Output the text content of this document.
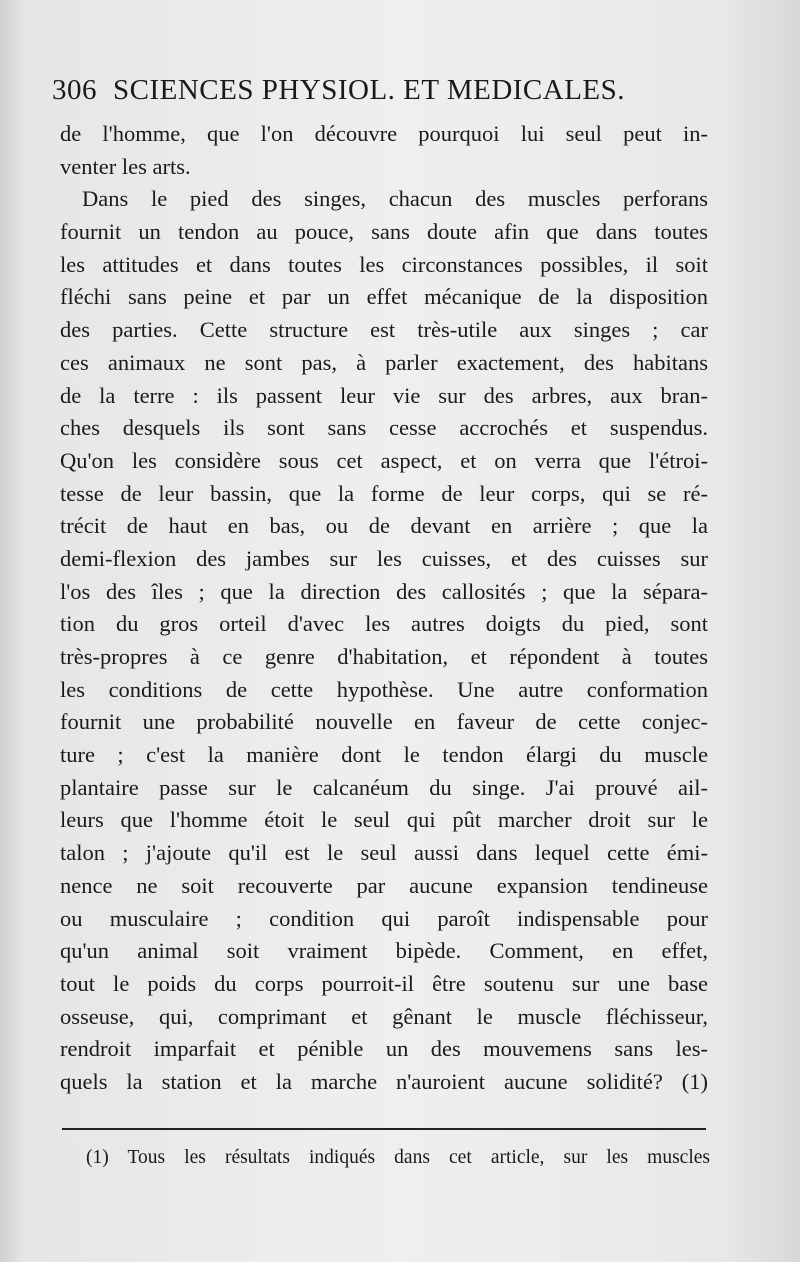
306 SCIENCES PHYSIOL. ET MEDICALES.
de l'homme, que l'on découvre pourquoi lui seul peut in-
venter les arts.
Dans le pied des singes, chacun des muscles perforans
fournit un tendon au pouce, sans doute afin que dans toutes
les attitudes et dans toutes les circonstances possibles, il soit
fléchi sans peine et par un effet mécanique de la disposition
des parties. Cette structure est très-utile aux singes ; car
ces animaux ne sont pas, à parler exactement, des habitans
de la terre : ils passent leur vie sur des arbres, aux bran-
ches desquels ils sont sans cesse accrochés et suspendus.
Qu'on les considère sous cet aspect, et on verra que l'étroi-
tesse de leur bassin, que la forme de leur corps, qui se ré-
trécit de haut en bas, ou de devant en arrière ; que la
demi-flexion des jambes sur les cuisses, et des cuisses sur
l'os des îles ; que la direction des callosités ; que la sépara-
tion du gros orteil d'avec les autres doigts du pied, sont
très-propres à ce genre d'habitation, et répondent à toutes
les conditions de cette hypothèse. Une autre conformation
fournit une probabilité nouvelle en faveur de cette conjec-
ture ; c'est la manière dont le tendon élargi du muscle
plantaire passe sur le calcanéum du singe. J'ai prouvé ail-
leurs que l'homme étoit le seul qui pût marcher droit sur le
talon ; j'ajoute qu'il est le seul aussi dans lequel cette émi-
nence ne soit recouverte par aucune expansion tendineuse
ou musculaire ; condition qui paroît indispensable pour
qu'un animal soit vraiment bipède. Comment, en effet,
tout le poids du corps pourroit-il être soutenu sur une base
osseuse, qui, comprimant et gênant le muscle fléchisseur,
rendroit imparfait et pénible un des mouvemens sans les-
quels la station et la marche n'auroient aucune solidité? (1)
(1) Tous les résultats indiqués dans cet article, sur les muscles
